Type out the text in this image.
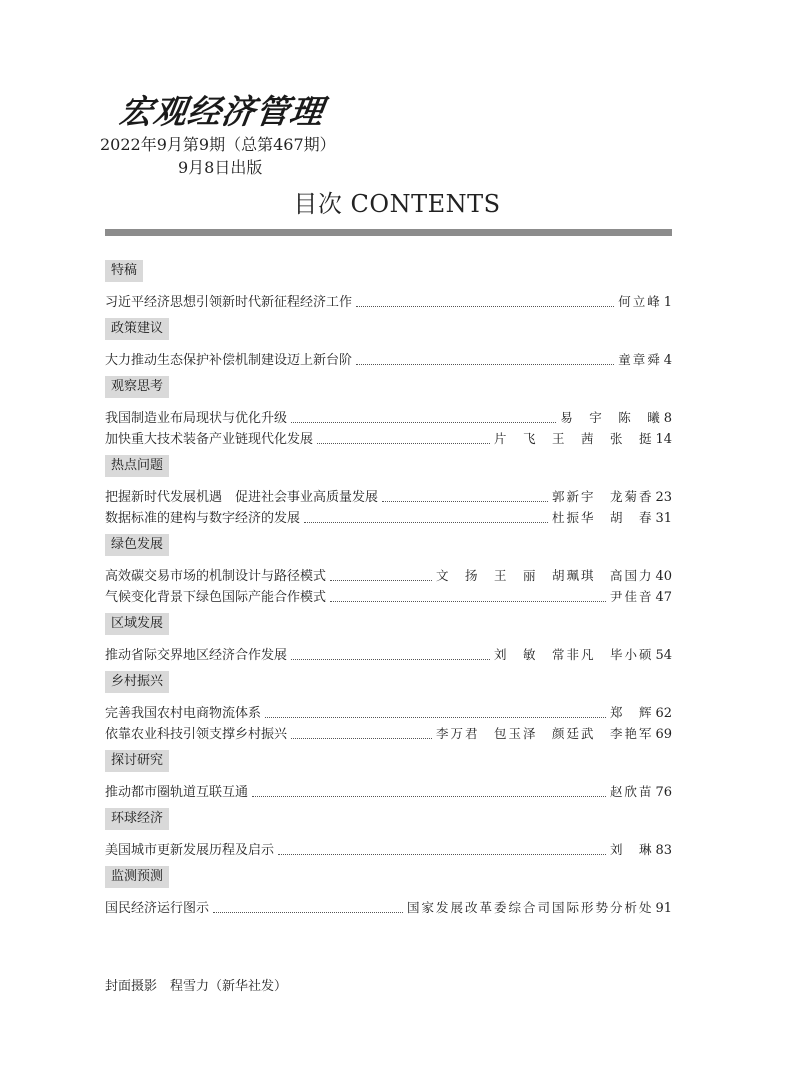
宏观经济管理
2022年9月第9期（总第467期）
9月8日出版
目次 CONTENTS
特稿
习近平经济思想引领新时代新征程经济工作	何立峰 1
政策建议
大力推动生态保护补偿机制建设迈上新台阶	童章舜 4
观察思考
我国制造业布局现状与优化升级	易　宇　陈　曦 8
加快重大技术装备产业链现代化发展	片　飞　王　茜　张　挺 14
热点问题
把握新时代发展机遇　促进社会事业高质量发展	郭新宇　龙菊香 23
数据标准的建构与数字经济的发展	杜振华　胡　春 31
绿色发展
高效碳交易市场的机制设计与路径模式	文　扬　王　丽　胡珮琪　高国力 40
气候变化背景下绿色国际产能合作模式	尹佳音 47
区域发展
推动省际交界地区经济合作发展	刘　敏　常非凡　毕小硕 54
乡村振兴
完善我国农村电商物流体系	郑　辉 62
依靠农业科技引领支撑乡村振兴	李万君　包玉泽　颜廷武　李艳军 69
探讨研究
推动都市圈轨道互联互通	赵欣苗 76
环球经济
美国城市更新发展历程及启示	刘　琳 83
监测预测
国民经济运行图示	国家发展改革委综合司国际形势分析处 91
封面摄影　程雪力（新华社发）
